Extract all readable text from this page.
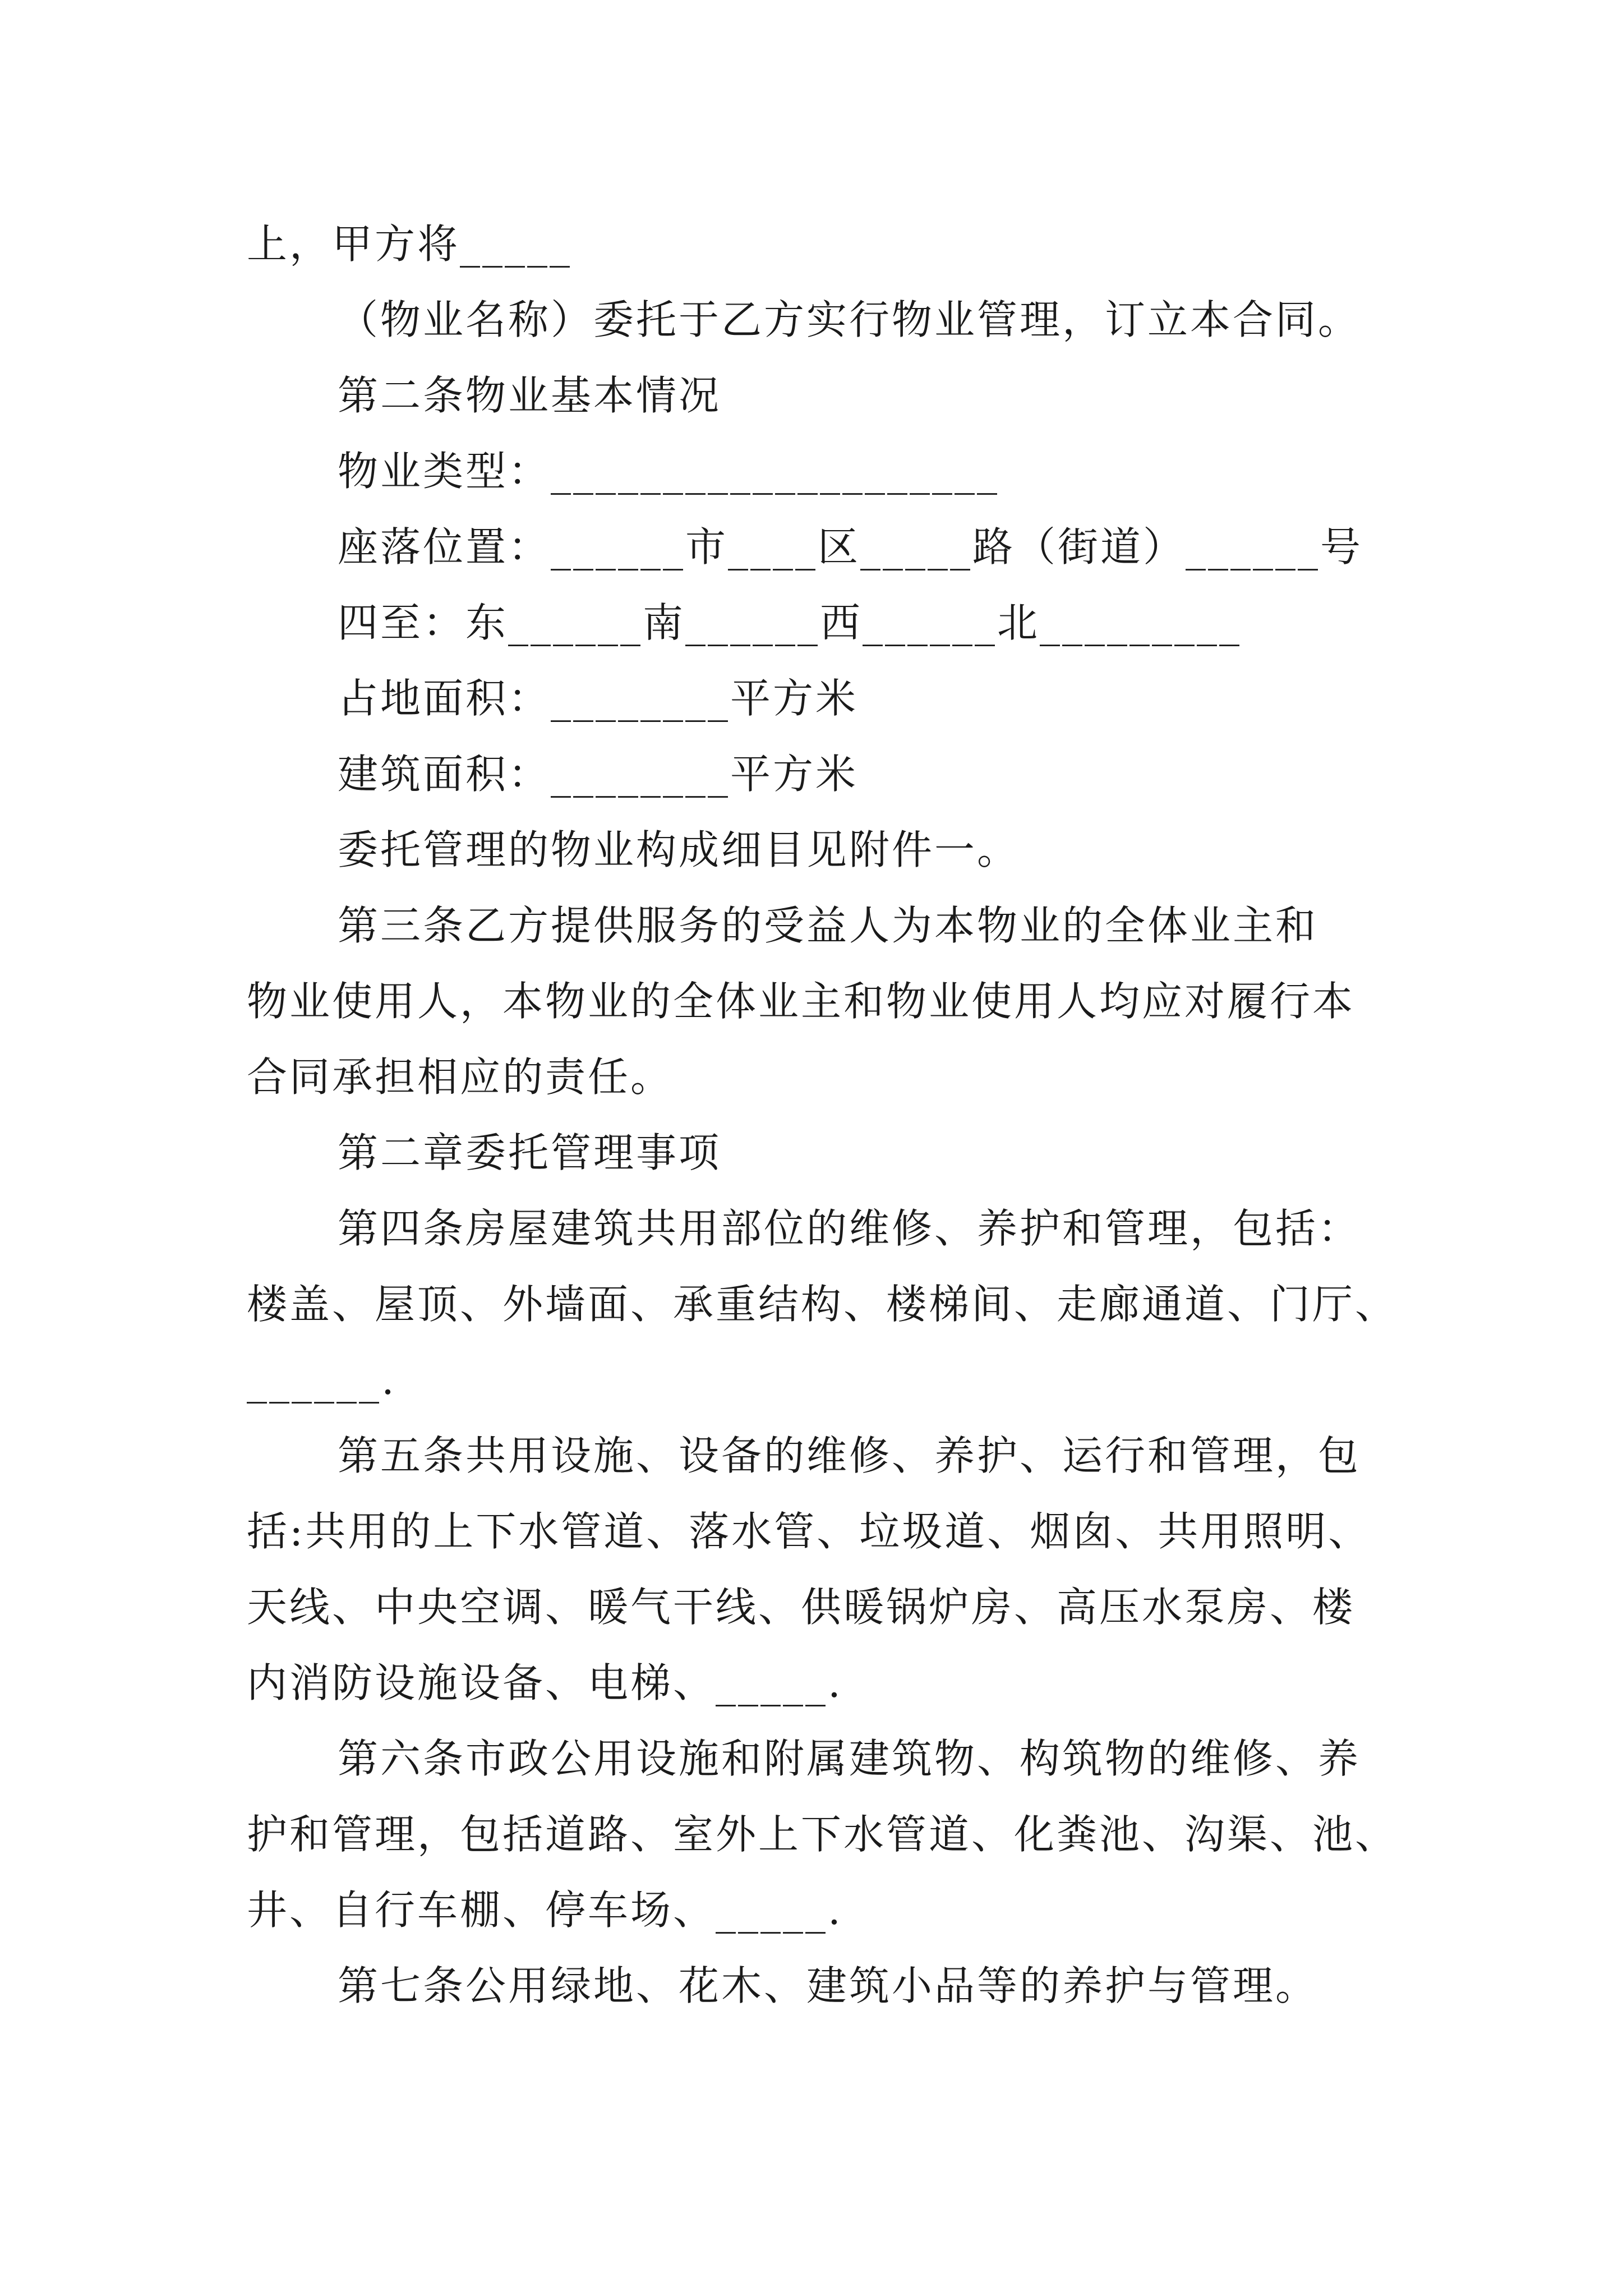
上，甲方将_____
（物业名称）委托于乙方实行物业管理，订立本合同。
第二条物业基本情况
物业类型：____________________
座落位置：______市____区_____路（街道）______号
四至：东______南______西______北_________
占地面积：________平方米
建筑面积：________平方米
委托管理的物业构成细目见附件一。
第三条乙方提供服务的受益人为本物业的全体业主和
物业使用人，本物业的全体业主和物业使用人均应对履行本
合同承担相应的责任。
第二章委托管理事项
第四条房屋建筑共用部位的维修、养护和管理，包括：
楼盖、屋顶、外墙面、承重结构、楼梯间、走廊通道、门厅、
______.
第五条共用设施、设备的维修、养护、运行和管理，包
括:共用的上下水管道、落水管、垃圾道、烟囱、共用照明、
天线、中央空调、暖气干线、供暖锅炉房、高压水泵房、楼
内消防设施设备、电梯、_____.
第六条市政公用设施和附属建筑物、构筑物的维修、养
护和管理，包括道路、室外上下水管道、化粪池、沟渠、池、
井、自行车棚、停车场、_____.
第七条公用绿地、花木、建筑小品等的养护与管理。
